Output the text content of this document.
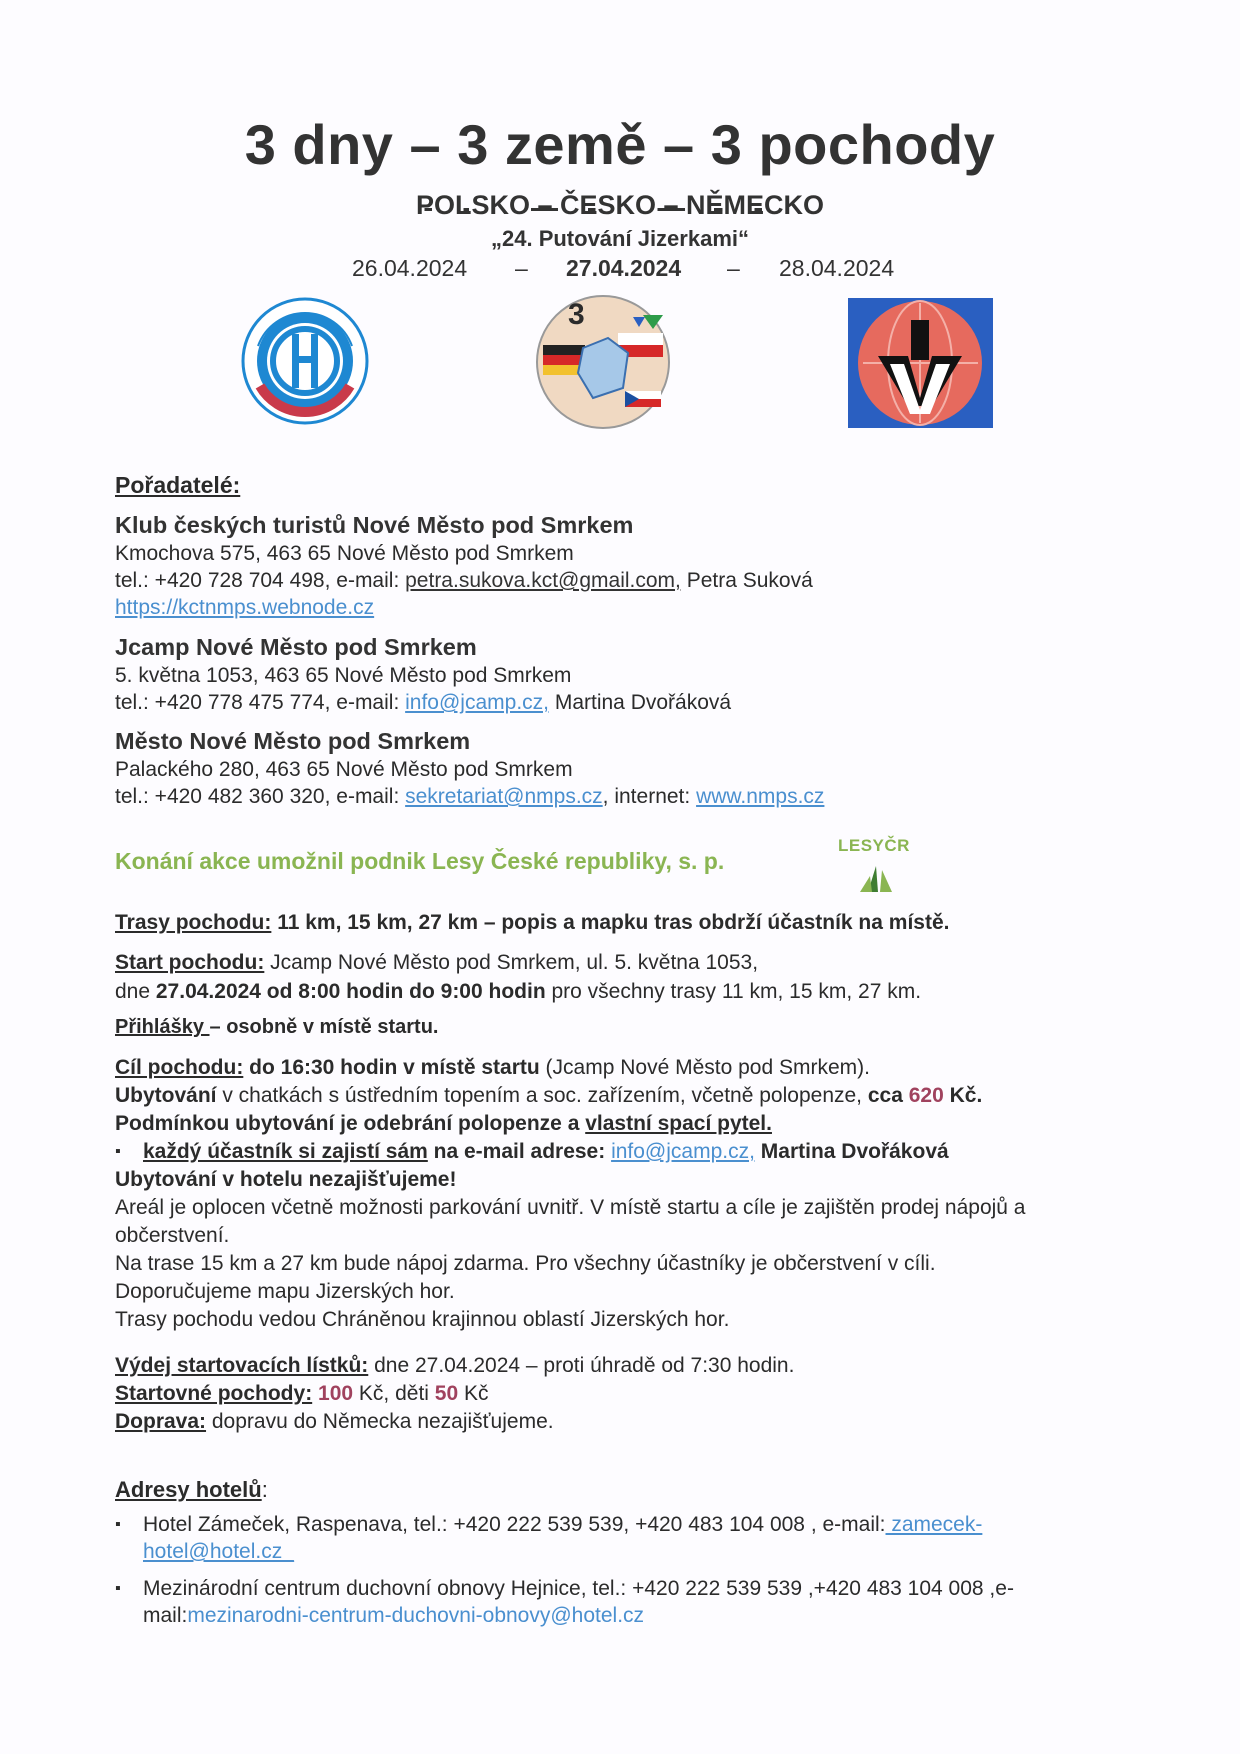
3 dny – 3 země – 3 pochody
POLSKO – ČESKO – NĚMECKO
„24. Putování Jizerkami“
26.04.2024 – 27.04.2024 – 28.04.2024
3
Pořadatelé:
Klub českých turistů Nové Město pod Smrkem
Kmochova 575, 463 65 Nové Město pod Smrkem
tel.: +420 728 704 498, e-mail: petra.sukova.kct@gmail.com, Petra Suková
https://kctnmps.webnode.cz
Jcamp Nové Město pod Smrkem
5. května 1053, 463 65 Nové Město pod Smrkem
tel.: +420 778 475 774, e-mail: info@jcamp.cz, Martina Dvořáková
Město Nové Město pod Smrkem
Palackého 280, 463 65 Nové Město pod Smrkem
tel.: +420 482 360 320, e-mail: sekretariat@nmps.cz, internet: www.nmps.cz
Konání akce umožnil podnik Lesy České republiky, s. p.
LESYČR
Trasy pochodu: 11 km, 15 km, 27 km – popis a mapku tras obdrží účastník na místě.
Start pochodu: Jcamp Nové Město pod Smrkem, ul. 5. května 1053,
dne 27.04.2024 od 8:00 hodin do 9:00 hodin pro všechny trasy 11 km, 15 km, 27 km.
Přihlášky – osobně v místě startu.
Cíl pochodu: do 16:30 hodin v místě startu (Jcamp Nové Město pod Smrkem).
Ubytování v chatkách s ústředním topením a soc. zařízením, včetně polopenze, cca 620 Kč.
Podmínkou ubytování je odebrání polopenze a vlastní spací pytel.
▪ každý účastník si zajistí sám na e-mail adrese: info@jcamp.cz, Martina Dvořáková
Ubytování v hotelu nezajišťujeme!
Areál je oplocen včetně možnosti parkování uvnitř. V místě startu a cíle je zajištěn prodej nápojů a
občerstvení.
Na trase 15 km a 27 km bude nápoj zdarma. Pro všechny účastníky je občerstvení v cíli.
Doporučujeme mapu Jizerských hor.
Trasy pochodu vedou Chráněnou krajinnou oblastí Jizerských hor.
Výdej startovacích lístků: dne 27.04.2024 – proti úhradě od 7:30 hodin.
Startovné pochody: 100 Kč, děti 50 Kč
Doprava: dopravu do Německa nezajišťujeme.
Adresy hotelů:
▪ Hotel Zámeček, Raspenava, tel.: +420 222 539 539, +420 483 104 008 , e-mail: zamecek-
hotel@hotel.cz_
▪ Mezinárodní centrum duchovní obnovy Hejnice, tel.: +420 222 539 539 ,+420 483 104 008 ,e-
mail:mezinarodni-centrum-duchovni-obnovy@hotel.cz
